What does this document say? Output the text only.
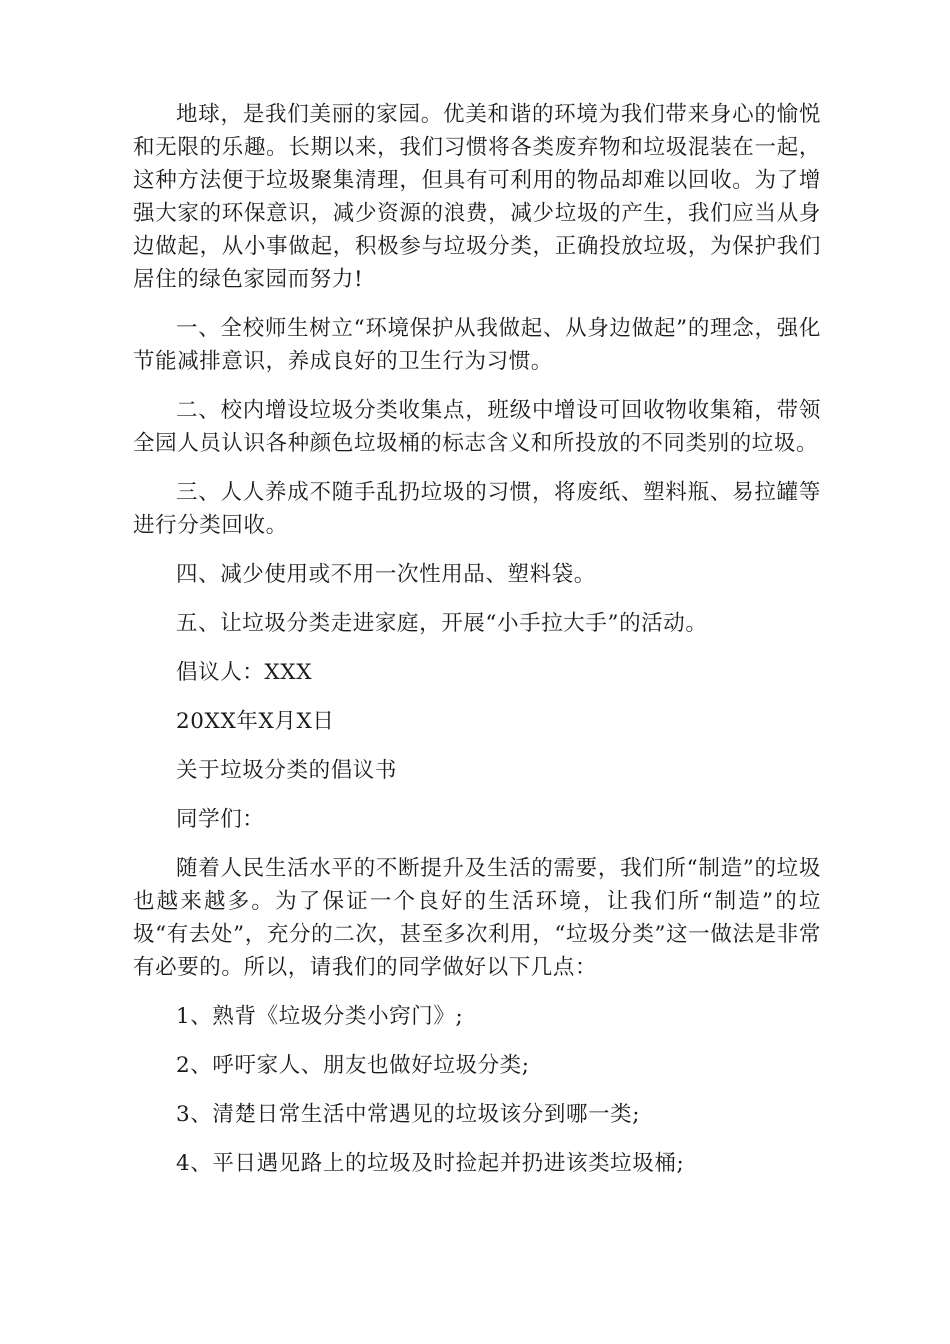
地球，是我们美丽的家园。优美和谐的环境为我们带来身心的愉悦和无限的乐趣。长期以来，我们习惯将各类废弃物和垃圾混装在一起，这种方法便于垃圾聚集清理，但具有可利用的物品却难以回收。为了增强大家的环保意识，减少资源的浪费，减少垃圾的产生，我们应当从身边做起，从小事做起，积极参与垃圾分类，正确投放垃圾，为保护我们居住的绿色家园而努力!

一、全校师生树立“环境保护从我做起、从身边做起”的理念，强化节能减排意识，养成良好的卫生行为习惯。

二、校内增设垃圾分类收集点，班级中增设可回收物收集箱，带领全园人员认识各种颜色垃圾桶的标志含义和所投放的不同类别的垃圾。

三、人人养成不随手乱扔垃圾的习惯，将废纸、塑料瓶、易拉罐等进行分类回收。

四、减少使用或不用一次性用品、塑料袋。

五、让垃圾分类走进家庭，开展“小手拉大手”的活动。

倡议人：XXX

20XX年X月X日

关于垃圾分类的倡议书

同学们：

随着人民生活水平的不断提升及生活的需要，我们所“制造”的垃圾也越来越多。为了保证一个良好的生活环境，让我们所“制造”的垃圾“有去处”，充分的二次，甚至多次利用，“垃圾分类”这一做法是非常有必要的。所以，请我们的同学做好以下几点：

1、熟背《垃圾分类小窍门》;

2、呼吁家人、朋友也做好垃圾分类;

3、清楚日常生活中常遇见的垃圾该分到哪一类;

4、平日遇见路上的垃圾及时捡起并扔进该类垃圾桶;
